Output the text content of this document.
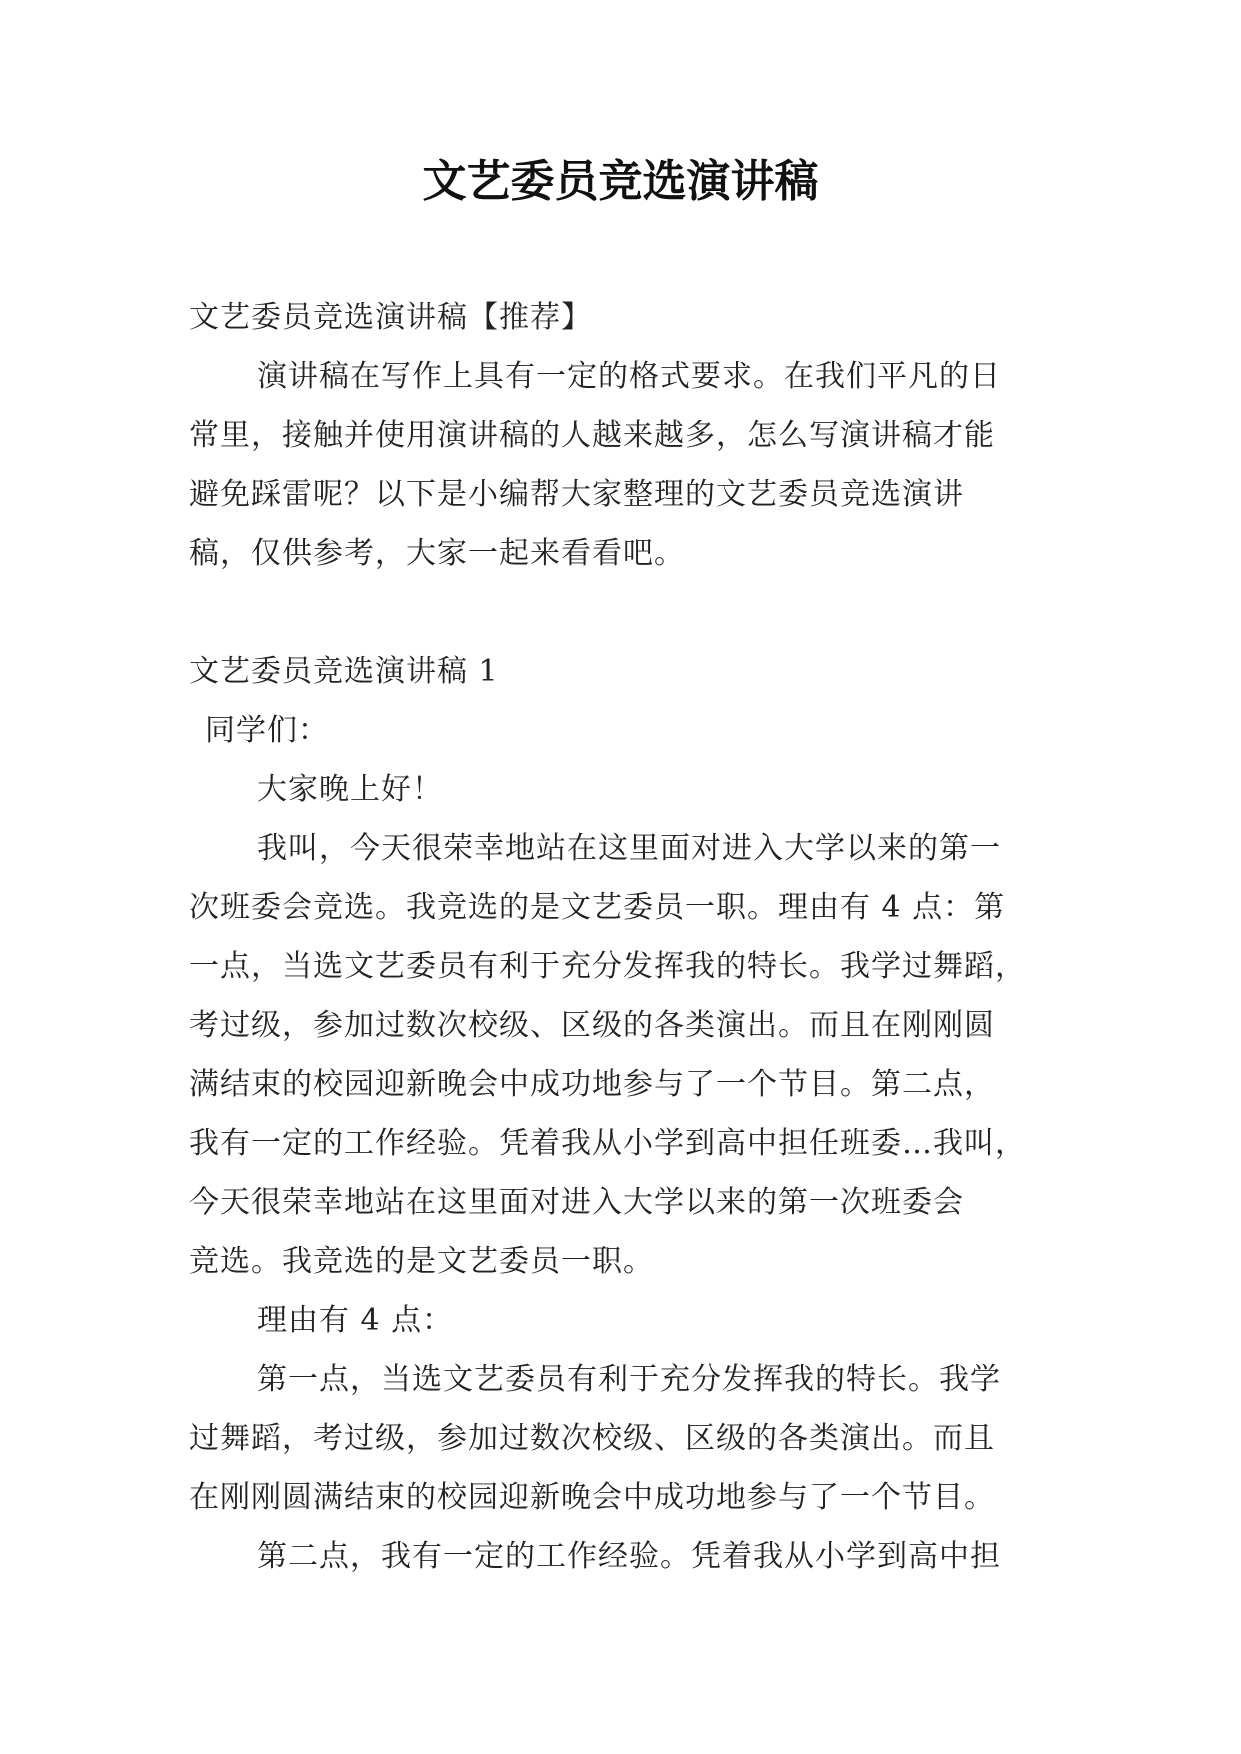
文艺委员竞选演讲稿

文艺委员竞选演讲稿【推荐】

演讲稿在写作上具有一定的格式要求。在我们平凡的日

常里，接触并使用演讲稿的人越来越多，怎么写演讲稿才能

避免踩雷呢？以下是小编帮大家整理的文艺委员竞选演讲

稿，仅供参考，大家一起来看看吧。

文艺委员竞选演讲稿 1

同学们：

大家晚上好！

我叫，今天很荣幸地站在这里面对进入大学以来的第一

次班委会竞选。我竞选的是文艺委员一职。理由有 4 点：第

一点，当选文艺委员有利于充分发挥我的特长。我学过舞蹈，

考过级，参加过数次校级、区级的各类演出。而且在刚刚圆

满结束的校园迎新晚会中成功地参与了一个节目。第二点，

我有一定的工作经验。凭着我从小学到高中担任班委…我叫，

今天很荣幸地站在这里面对进入大学以来的第一次班委会

竞选。我竞选的是文艺委员一职。

理由有 4 点：

第一点，当选文艺委员有利于充分发挥我的特长。我学

过舞蹈，考过级，参加过数次校级、区级的各类演出。而且

在刚刚圆满结束的校园迎新晚会中成功地参与了一个节目。

第二点，我有一定的工作经验。凭着我从小学到高中担
